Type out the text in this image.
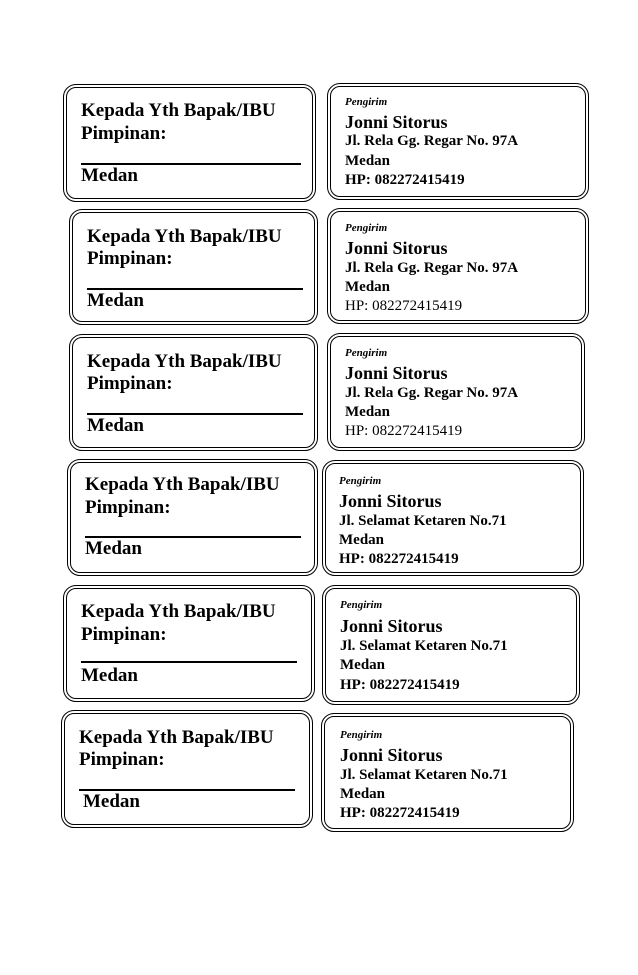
Kepada Yth Bapak/IBU
Pimpinan:
Medan
Kepada Yth Bapak/IBU
Pimpinan:
Medan
Kepada Yth Bapak/IBU
Pimpinan:
Medan
Kepada Yth Bapak/IBU
Pimpinan:
Medan
Kepada Yth Bapak/IBU
Pimpinan:
Medan
Kepada Yth Bapak/IBU
Pimpinan:
Medan
Pengirim
Jonni Sitorus
Jl. Rela Gg. Regar No. 97A
Medan
HP: 082272415419
Pengirim
Jonni Sitorus
Jl. Rela Gg. Regar No. 97A
Medan
HP: 082272415419
Pengirim
Jonni Sitorus
Jl. Rela Gg. Regar No. 97A
Medan
HP: 082272415419
Pengirim
Jonni Sitorus
Jl. Selamat Ketaren No.71
Medan
HP: 082272415419
Pengirim
Jonni Sitorus
Jl. Selamat Ketaren No.71
Medan
HP: 082272415419
Pengirim
Jonni Sitorus
Jl. Selamat Ketaren No.71
Medan
HP: 082272415419
